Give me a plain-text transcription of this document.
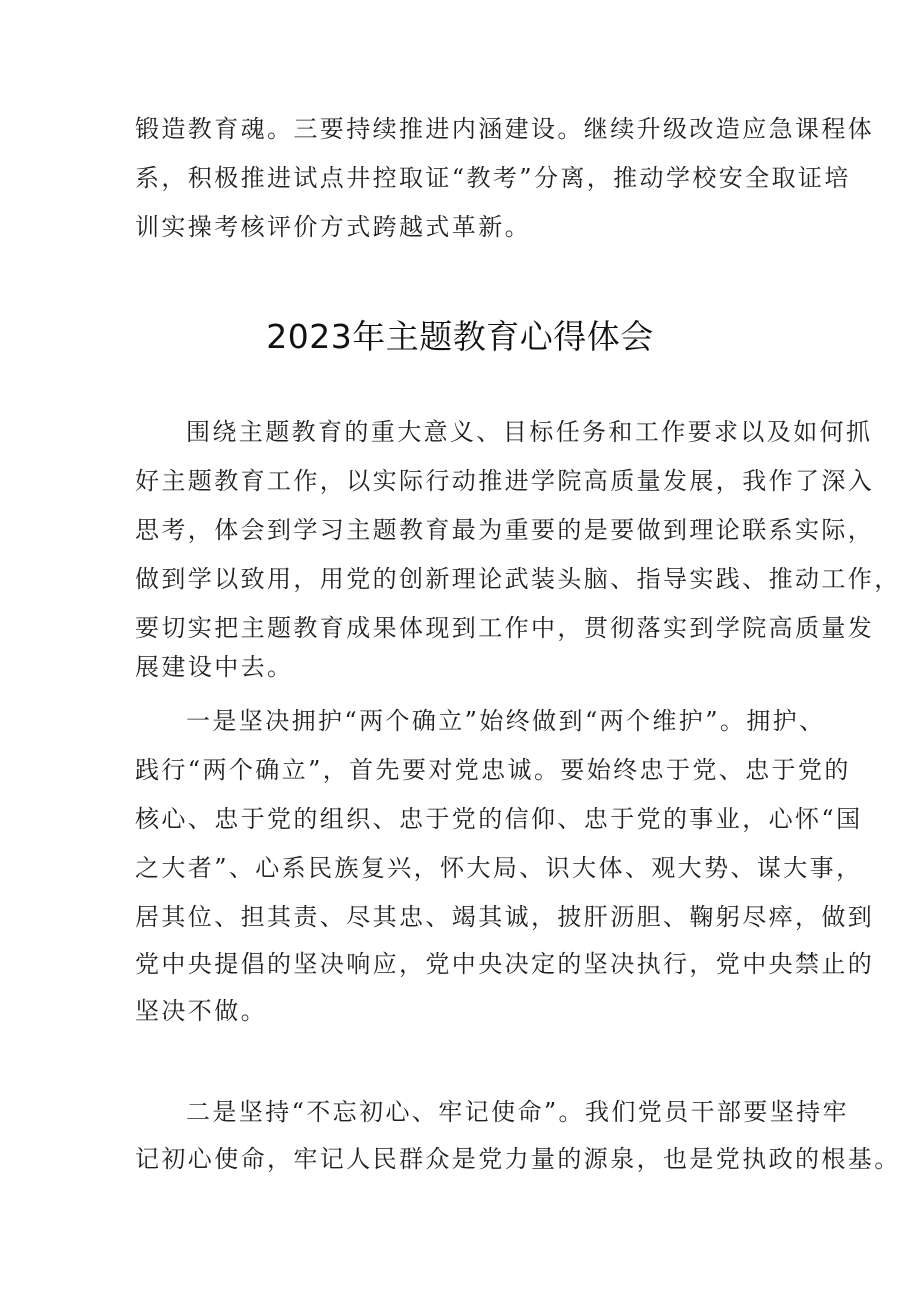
锻造教育魂。三要持续推进内涵建设。继续升级改造应急课程体
系，积极推进试点井控取证“教考”分离，推动学校安全取证培
训实操考核评价方式跨越式革新。
2023年主题教育心得体会
围绕主题教育的重大意义、目标任务和工作要求以及如何抓
好主题教育工作，以实际行动推进学院高质量发展，我作了深入
思考，体会到学习主题教育最为重要的是要做到理论联系实际，
做到学以致用，用党的创新理论武装头脑、指导实践、推动工作，
要切实把主题教育成果体现到工作中，贯彻落实到学院高质量发
展建设中去。
一是坚决拥护“两个确立”始终做到“两个维护”。拥护、
践行“两个确立”，首先要对党忠诚。要始终忠于党、忠于党的
核心、忠于党的组织、忠于党的信仰、忠于党的事业，心怀“国
之大者”、心系民族复兴，怀大局、识大体、观大势、谋大事，
居其位、担其责、尽其忠、竭其诚，披肝沥胆、鞠躬尽瘁，做到
党中央提倡的坚决响应，党中央决定的坚决执行，党中央禁止的
坚决不做。
二是坚持“不忘初心、牢记使命”。我们党员干部要坚持牢
记初心使命，牢记人民群众是党力量的源泉，也是党执政的根基。
